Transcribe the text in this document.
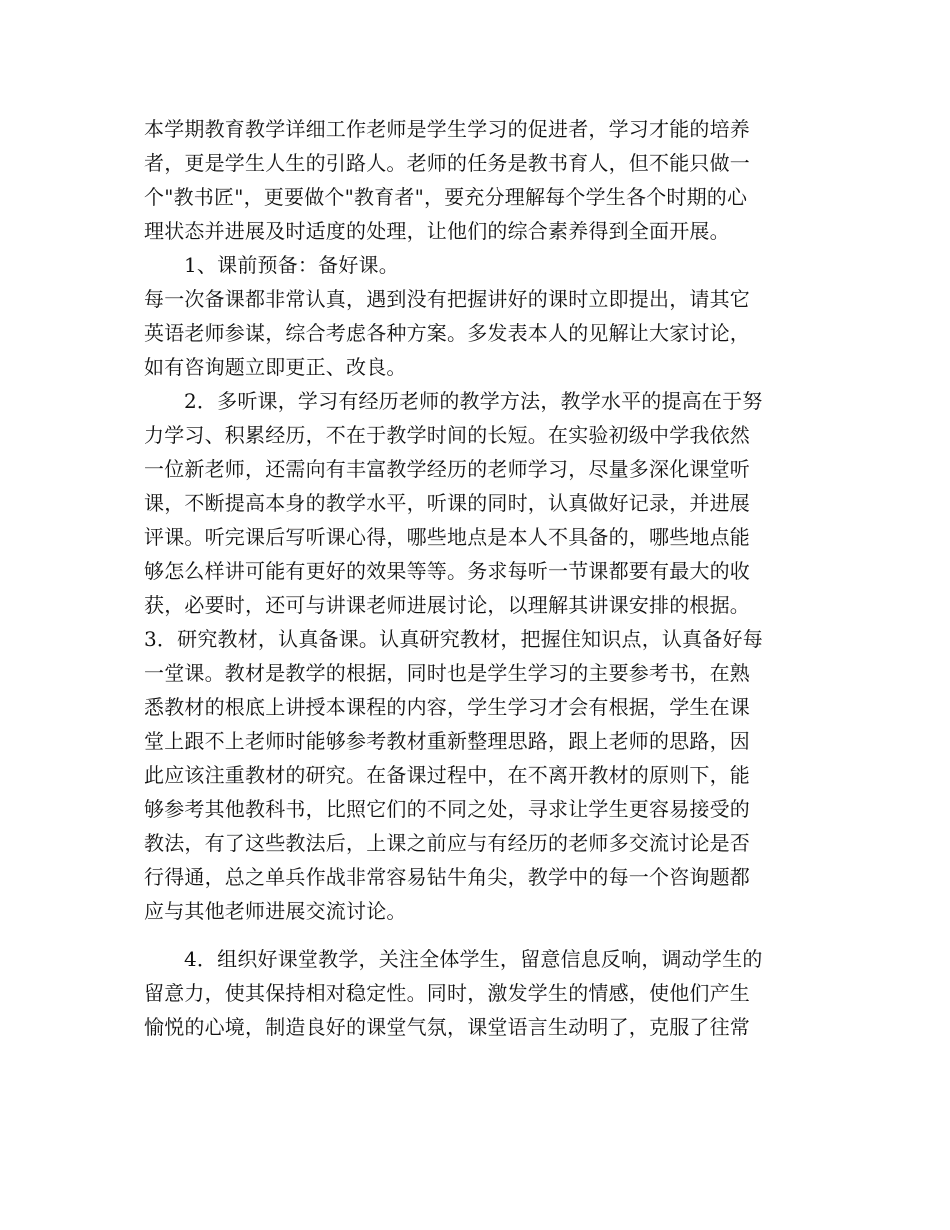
本学期教育教学详细工作老师是学生学习的促进者，学习才能的培养
者，更是学生人生的引路人。老师的任务是教书育人，但不能只做一
个"教书匠"，更要做个"教育者"，要充分理解每个学生各个时期的心
理状态并进展及时适度的处理，让他们的综合素养得到全面开展。
1、课前预备：备好课。
每一次备课都非常认真，遇到没有把握讲好的课时立即提出，请其它
英语老师参谋，综合考虑各种方案。多发表本人的见解让大家讨论，
如有咨询题立即更正、改良。
2．多听课，学习有经历老师的教学方法，教学水平的提高在于努
力学习、积累经历，不在于教学时间的长短。在实验初级中学我依然
一位新老师，还需向有丰富教学经历的老师学习，尽量多深化课堂听
课，不断提高本身的教学水平，听课的同时，认真做好记录，并进展
评课。听完课后写听课心得，哪些地点是本人不具备的，哪些地点能
够怎么样讲可能有更好的效果等等。务求每听一节课都要有最大的收
获，必要时，还可与讲课老师进展讨论，以理解其讲课安排的根据。
3．研究教材，认真备课。认真研究教材，把握住知识点，认真备好每
一堂课。教材是教学的根据，同时也是学生学习的主要参考书，在熟
悉教材的根底上讲授本课程的内容，学生学习才会有根据，学生在课
堂上跟不上老师时能够参考教材重新整理思路，跟上老师的思路，因
此应该注重教材的研究。在备课过程中，在不离开教材的原则下，能
够参考其他教科书，比照它们的不同之处，寻求让学生更容易接受的
教法，有了这些教法后，上课之前应与有经历的老师多交流讨论是否
行得通，总之单兵作战非常容易钻牛角尖，教学中的每一个咨询题都
应与其他老师进展交流讨论。
4．组织好课堂教学，关注全体学生，留意信息反响，调动学生的
留意力，使其保持相对稳定性。同时，激发学生的情感，使他们产生
愉悦的心境，制造良好的课堂气氛，课堂语言生动明了，克服了往常
